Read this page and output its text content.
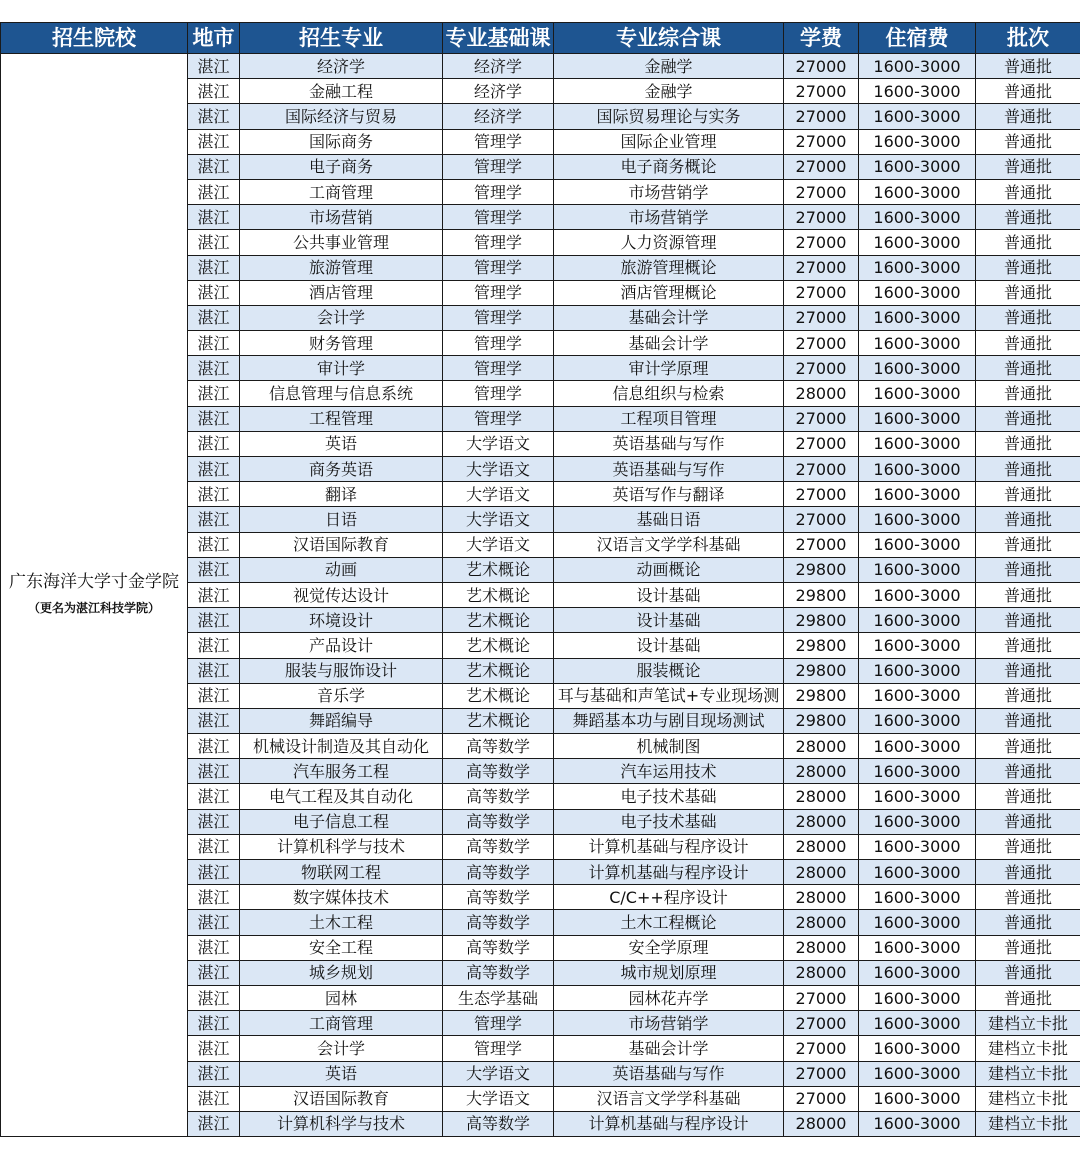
招生院校	地市	招生专业	专业基础课	专业综合课	学费	住宿费	批次

广东海洋大学寸金学院
（更名为湛江科技学院）	湛江	经济学	经济学	金融学	27000	1600-3000	普通批
	湛江	金融工程	经济学	金融学	27000	1600-3000	普通批
	湛江	国际经济与贸易	经济学	国际贸易理论与实务	27000	1600-3000	普通批
	湛江	国际商务	管理学	国际企业管理	27000	1600-3000	普通批
	湛江	电子商务	管理学	电子商务概论	27000	1600-3000	普通批
	湛江	工商管理	管理学	市场营销学	27000	1600-3000	普通批
	湛江	市场营销	管理学	市场营销学	27000	1600-3000	普通批
	湛江	公共事业管理	管理学	人力资源管理	27000	1600-3000	普通批
	湛江	旅游管理	管理学	旅游管理概论	27000	1600-3000	普通批
	湛江	酒店管理	管理学	酒店管理概论	27000	1600-3000	普通批
	湛江	会计学	管理学	基础会计学	27000	1600-3000	普通批
	湛江	财务管理	管理学	基础会计学	27000	1600-3000	普通批
	湛江	审计学	管理学	审计学原理	27000	1600-3000	普通批
	湛江	信息管理与信息系统	管理学	信息组织与检索	28000	1600-3000	普通批
	湛江	工程管理	管理学	工程项目管理	27000	1600-3000	普通批
	湛江	英语	大学语文	英语基础与写作	27000	1600-3000	普通批
	湛江	商务英语	大学语文	英语基础与写作	27000	1600-3000	普通批
	湛江	翻译	大学语文	英语写作与翻译	27000	1600-3000	普通批
	湛江	日语	大学语文	基础日语	27000	1600-3000	普通批
	湛江	汉语国际教育	大学语文	汉语言文学学科基础	27000	1600-3000	普通批
	湛江	动画	艺术概论	动画概论	29800	1600-3000	普通批
	湛江	视觉传达设计	艺术概论	设计基础	29800	1600-3000	普通批
	湛江	环境设计	艺术概论	设计基础	29800	1600-3000	普通批
	湛江	产品设计	艺术概论	设计基础	29800	1600-3000	普通批
	湛江	服装与服饰设计	艺术概论	服装概论	29800	1600-3000	普通批
	湛江	音乐学	艺术概论	耳与基础和声笔试+专业现场测	29800	1600-3000	普通批
	湛江	舞蹈编导	艺术概论	舞蹈基本功与剧目现场测试	29800	1600-3000	普通批
	湛江	机械设计制造及其自动化	高等数学	机械制图	28000	1600-3000	普通批
	湛江	汽车服务工程	高等数学	汽车运用技术	28000	1600-3000	普通批
	湛江	电气工程及其自动化	高等数学	电子技术基础	28000	1600-3000	普通批
	湛江	电子信息工程	高等数学	电子技术基础	28000	1600-3000	普通批
	湛江	计算机科学与技术	高等数学	计算机基础与程序设计	28000	1600-3000	普通批
	湛江	物联网工程	高等数学	计算机基础与程序设计	28000	1600-3000	普通批
	湛江	数字媒体技术	高等数学	C/C++程序设计	28000	1600-3000	普通批
	湛江	土木工程	高等数学	土木工程概论	28000	1600-3000	普通批
	湛江	安全工程	高等数学	安全学原理	28000	1600-3000	普通批
	湛江	城乡规划	高等数学	城市规划原理	28000	1600-3000	普通批
	湛江	园林	生态学基础	园林花卉学	27000	1600-3000	普通批
	湛江	工商管理	管理学	市场营销学	27000	1600-3000	建档立卡批
	湛江	会计学	管理学	基础会计学	27000	1600-3000	建档立卡批
	湛江	英语	大学语文	英语基础与写作	27000	1600-3000	建档立卡批
	湛江	汉语国际教育	大学语文	汉语言文学学科基础	27000	1600-3000	建档立卡批
	湛江	计算机科学与技术	高等数学	计算机基础与程序设计	28000	1600-3000	建档立卡批
